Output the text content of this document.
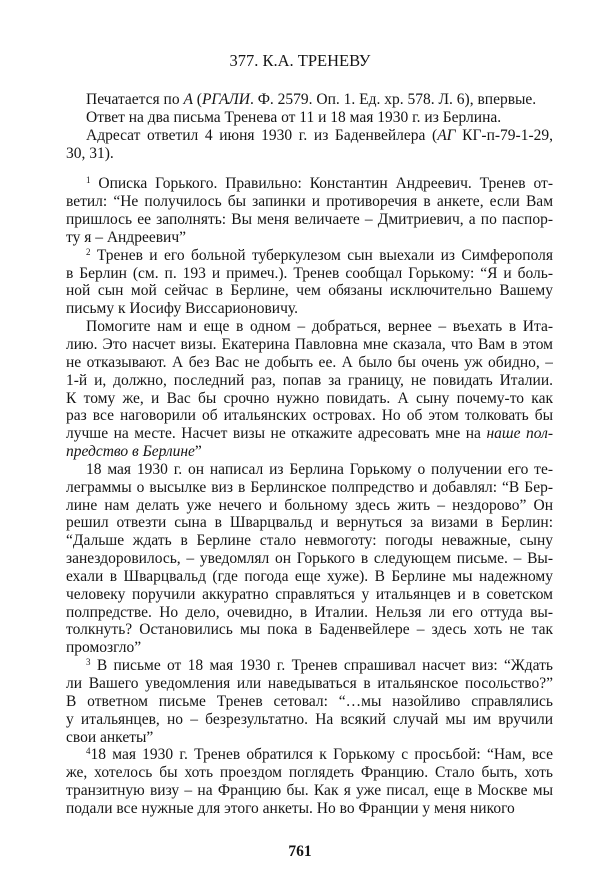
377. К.А. ТРЕНЕВУ
Печатается по А (РГАЛИ. Ф. 2579. Оп. 1. Ед. хр. 578. Л. 6), впервые.
Ответ на два письма Тренева от 11 и 18 мая 1930 г. из Берлина.
Адресат ответил 4 июня 1930 г. из Баденвейлера (АГ КГ-п-79-1-29,
30, 31).
$^1$ Описка Горького. Правильно: Константин Андреевич. Тренев от-
ветил: “Не получилось бы запинки и противоречия в анкете, если Вам
пришлось ее заполнять: Вы меня величаете – Дмитриевич, а по паспор-
ту я – Андреевич”
$^2$ Тренев и его больной туберкулезом сын выехали из Симферополя
в Берлин (см. п. 193 и примеч.). Тренев сообщал Горькому: “Я и боль-
ной сын мой сейчас в Берлине, чем обязаны исключительно Вашему
письму к Иосифу Виссарионовичу.
Помогите нам и еще в одном – добраться, вернее – въехать в Ита-
лию. Это насчет визы. Екатерина Павловна мне сказала, что Вам в этом
не отказывают. А без Вас не добыть ее. А было бы очень уж обидно, –
1-й и, должно, последний раз, попав за границу, не повидать Италии.
К тому же, и Вас бы срочно нужно повидать. А сыну почему-то как
раз все наговорили об итальянских островах. Но об этом толковать бы
лучше на месте. Насчет визы не откажите адресовать мне на наше пол-
предство в Берлине”
18 мая 1930 г. он написал из Берлина Горькому о получении его те-
леграммы о высылке виз в Берлинское полпредство и добавлял: “В Бер-
лине нам делать уже нечего и больному здесь жить – нездорово” Он
решил отвезти сына в Шварцвальд и вернуться за визами в Берлин:
“Дальше ждать в Берлине стало невмоготу: погоды неважные, сыну
занездоровилось, – уведомлял он Горького в следующем письме. – Вы-
ехали в Шварцвальд (где погода еще хуже). В Берлине мы надежному
человеку поручили аккуратно справляться у итальянцев и в советском
полпредстве. Но дело, очевидно, в Италии. Нельзя ли его оттуда вы-
толкнуть? Остановились мы пока в Баденвейлере – здесь хоть не так
промозгло”
$^3$ В письме от 18 мая 1930 г. Тренев спрашивал насчет виз: “Ждать
ли Вашего уведомления или наведываться в итальянское посольство?”
В ответном письме Тренев сетовал: “…мы назойливо справлялись
у итальянцев, но – безрезультатно. На всякий случай мы им вручили
свои анкеты”
$^4$18 мая 1930 г. Тренев обратился к Горькому с просьбой: “Нам, все
же, хотелось бы хоть проездом поглядеть Францию. Стало быть, хоть
транзитную визу – на Францию бы. Как я уже писал, еще в Москве мы
подали все нужные для этого анкеты. Но во Франции у меня никого
761
